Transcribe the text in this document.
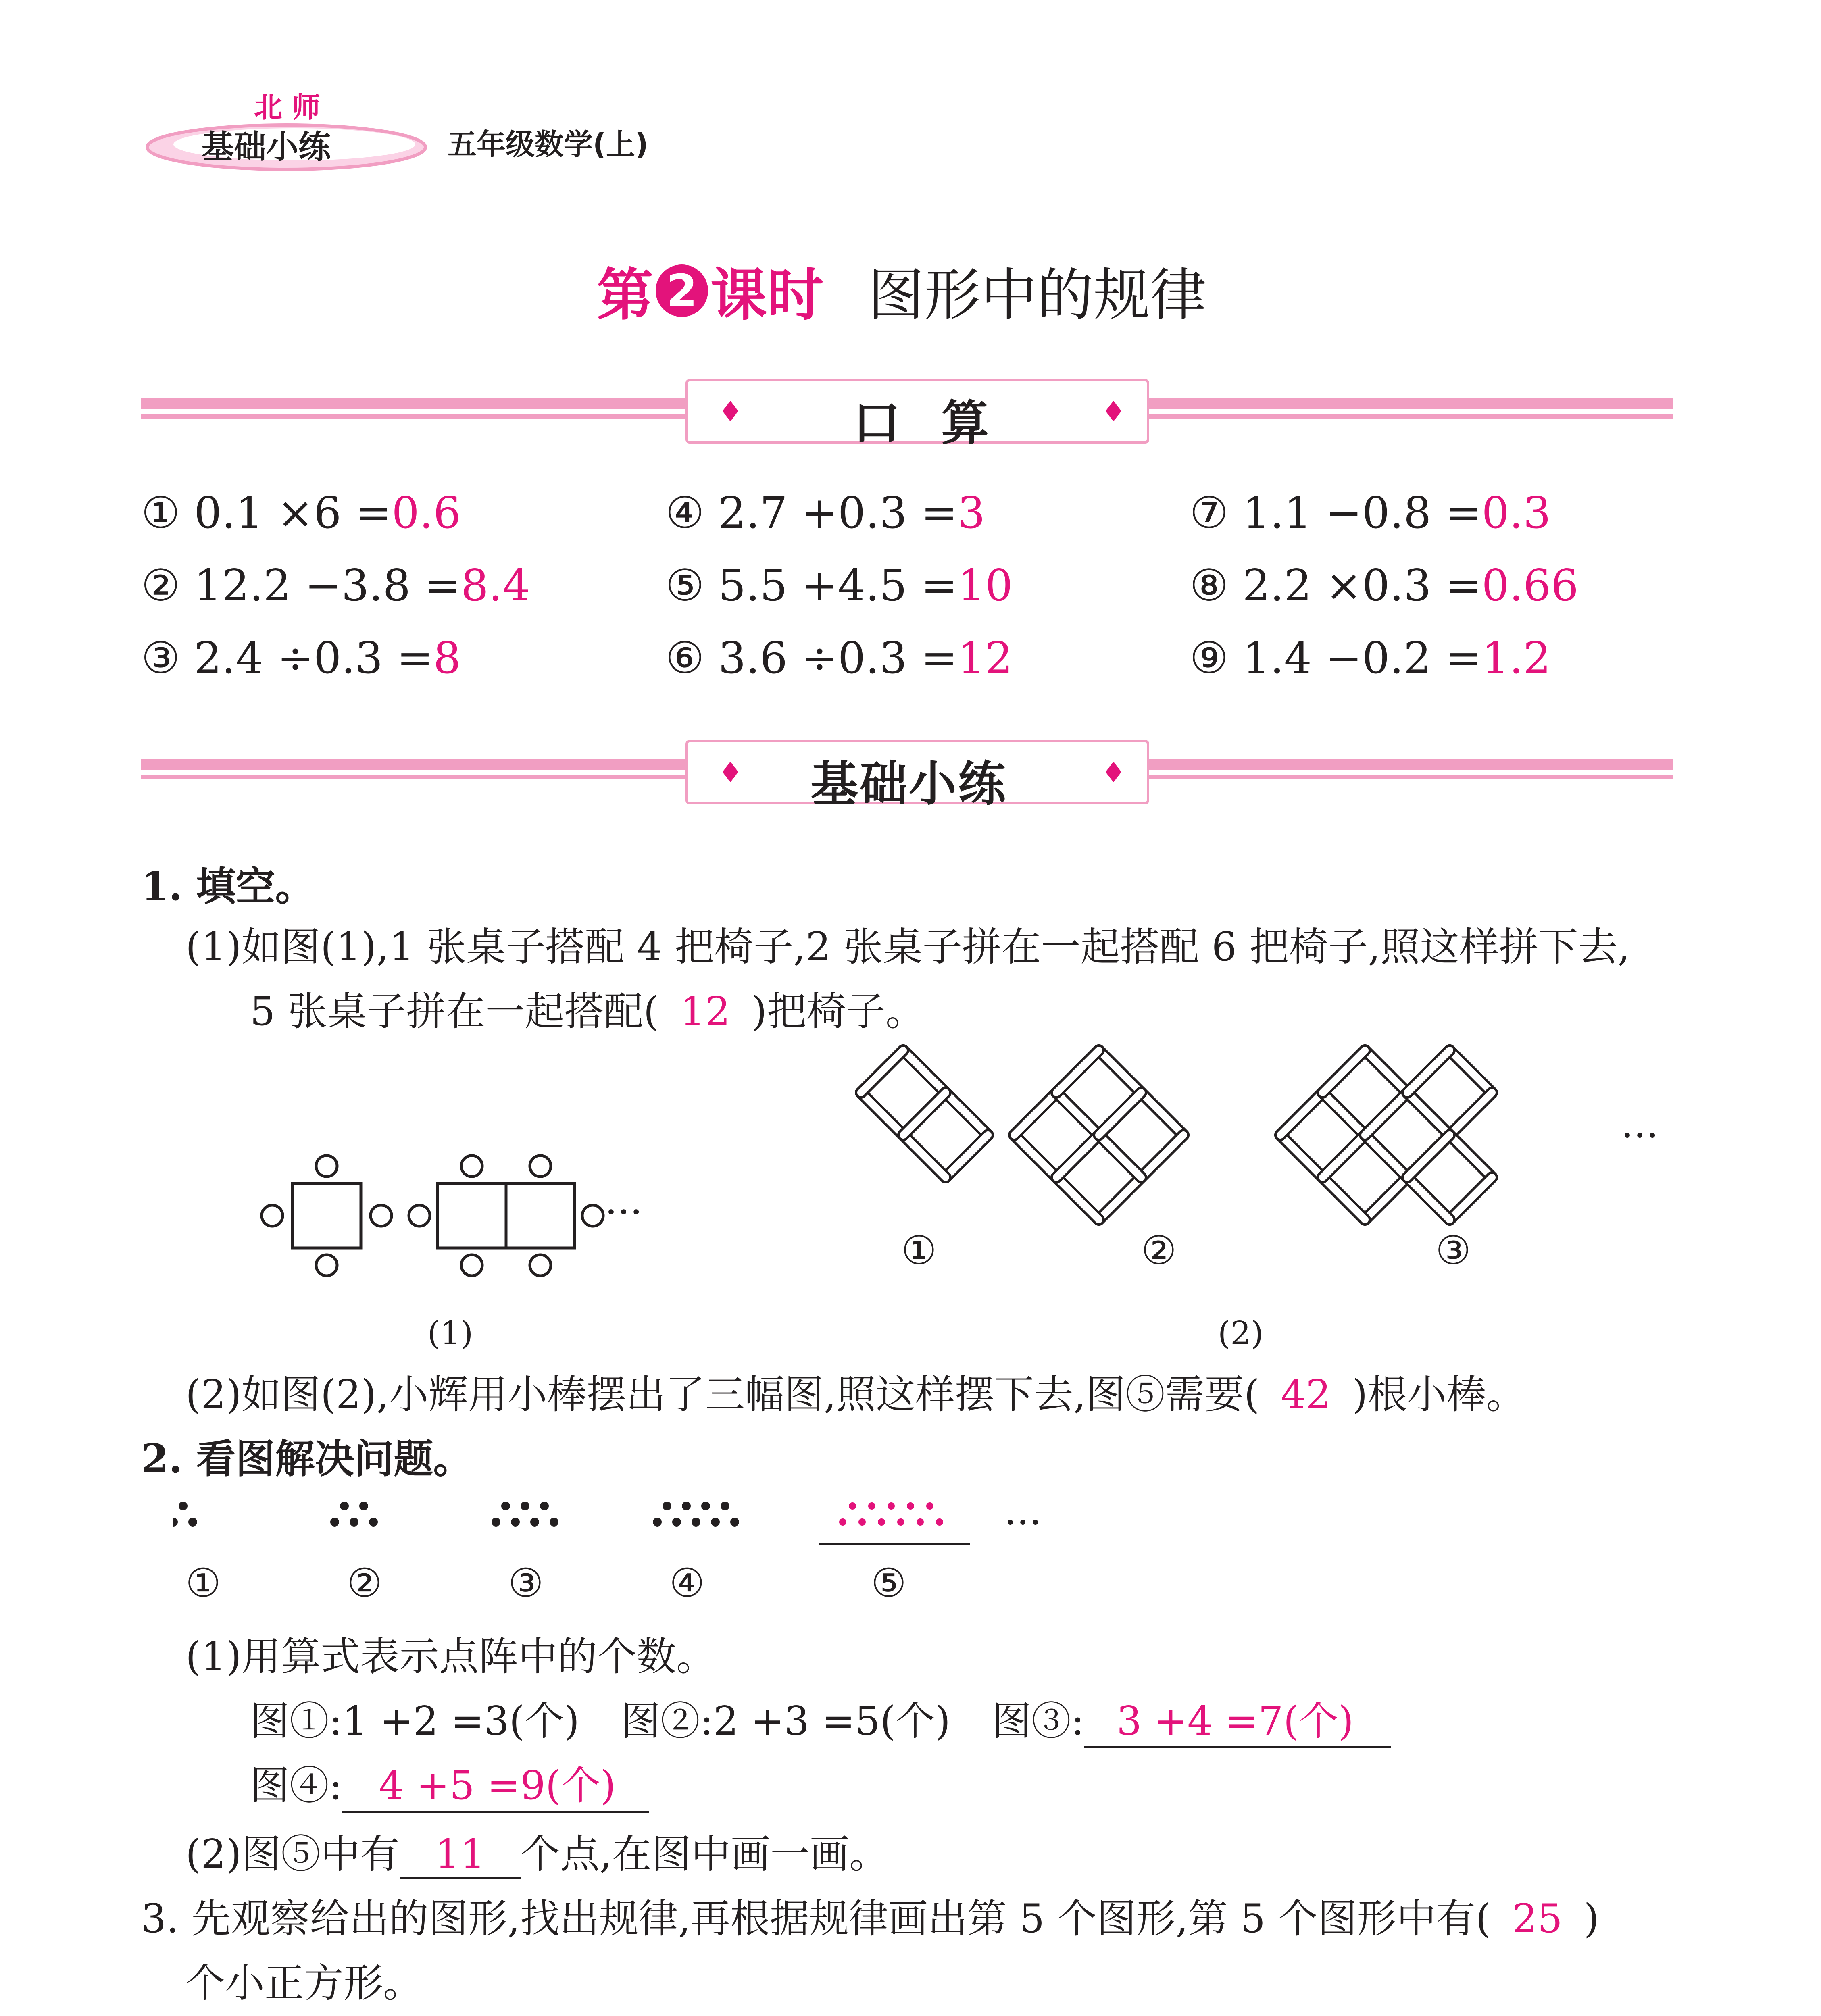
北 师
基础小练	五年级数学(上)
第 2 课时 图形中的规律
♦	♦
口 算
① 0.1 ×6 =0.6	④ 2.7 +0.3 =3	⑦ 1.1 −0.8 =0.3
② 12.2 −3.8 =8.4	⑤ 5.5 +4.5 =10	⑧ 2.2 ×0.3 =0.66
③ 2.4 ÷0.3 =8	⑥ 3.6 ÷0.3 =12	⑨ 1.4 −0.2 =1.2
♦	♦
基础小练
1. 填空。
(1)如图(1),1 张桌子搭配 4 把椅子,2 张桌子拼在一起搭配 6 把椅子,照这样拼下去,
5 张桌子拼在一起搭配( 12 )把椅子。
···
(1)
①	②	③
···
(2)
(2)如图(2),小辉用小棒摆出了三幅图,照这样摆下去,图⑤需要( 42 )根小棒。
2. 看图解决问题。
···
①	②	③	④	⑤
(1)用算式表示点阵中的个数。
图①:1 +2 =3(个) 图②:2 +3 =5(个) 图③: 3 +4 =7(个)
图④: 4 +5 =9(个)
(2)图⑤中有 11 个点,在图中画一画。
3. 先观察给出的图形,找出规律,再根据规律画出第 5 个图形,第 5 个图形中有( 25 )
个小正方形。
